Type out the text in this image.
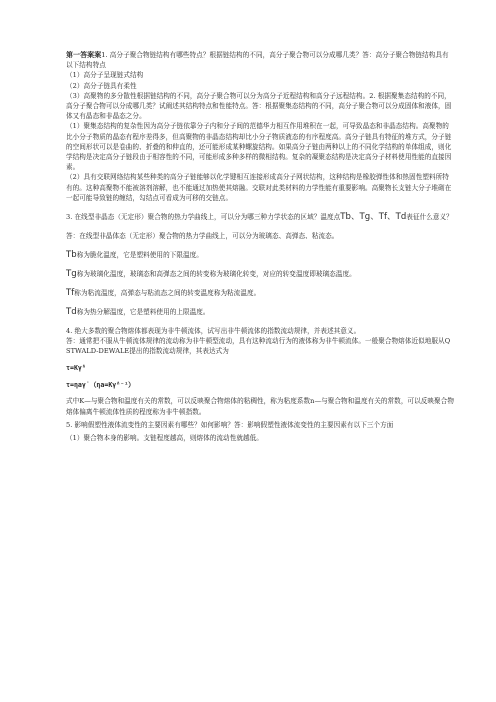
第一答案案1. 高分子聚合物链结构有哪些特点？根据链结构的不同，高分子聚合物可以分成哪几类？答：高分子聚合物链结构具有以下结构特点

（1）高分子呈现链式结构

（2）高分子链具有柔性

（3）高聚物的多分散性根据链结构的不同，高分子聚合物可以分为高分子近程结构和高分子远程结构。2. 根据聚集态结构的不同，高分子聚合物可以分成哪几类？试阐述其结构特点和性能特点。答：根据聚集态结构的不同，高分子聚合物可以分成固体和液体，固体又有晶态和非晶态之分。

（1）聚集态结构的复杂性因为高分子链依靠分子内和分子间的范德华力相互作用堆积在一起，可导致晶态和非晶态结构。高聚物的比小分子物质的晶态有程序差得多，但高聚物的非晶态结构却比小分子物质液态的有序程度高。高分子链具有特征的堆方式，分子链的空间形状可以是卷曲的、折叠的和伸直的，还可能形成某种螺旋结构。如果高分子链由两种以上的不同化学结构的单体组成，则化学结构是决定高分子链段由于相容性的不同，可能形成多种多样的微相结构。复杂的凝聚态结构是决定高分子材料使用性能的直接因素。

（2）具有交联网络结构某些种类的高分子链能够以化学键相互连接形成高分子网状结构，这种结构是橡胶弹性体和热固性塑料所特有的。这种高聚物不能被溶剂溶解，也不能通过加热使其熔融。交联对此类材料的力学性能有重要影响。高聚物长支链大分子堆砌在一起可能导致链的缠结，勾结点可看成为可移的交链点。

3. 在线型非晶态（无定形）聚合物的热力学曲线上，可以分为哪三种力学状态的区域？温度点Tb、Tg、Tf、Td表征什么意义？

答：在线型非晶体态（无定形）聚合物的热力学曲线上，可以分为玻璃态、高弹态、粘流态。

Tb称为脆化温度，它是塑料使用的下限温度。

Tg称为玻璃化温度，玻璃态和高弹态之间的转变称为玻璃化转变，对应的转变温度即玻璃态温度。

Tf称为粘流温度，高弹态与粘流态之间的转变温度称为粘流温度。

Td称为热分解温度，它是塑料使用的上限温度。

4. 绝大多数的聚合物熔体都表现为非牛顿流体，试写出非牛顿流体的指数流动规律，并表述其意义。

答：通常把不服从牛顿流体规律的流动称为非牛顿型流动，具有这种流动行为的液体称为非牛顿流体。一般聚合物熔体近似地服从QSTWALD-DEWALE提出的指数流动规律，其表达式为

τ=Kγ̇ⁿ

τ=ηaγ̇ （ηa=Kγ̇ⁿ⁻¹）

式中K—与聚合物和温度有关的常数，可以反映聚合物熔体的粘稠性，称为粘度系数n—与聚合物和温度有关的常数，可以反映聚合物熔体偏离牛顿流体性质的程度称为非牛顿指数。

5. 影响假塑性液体流变性的主要因素有哪些？如何影响？答：影响假塑性液体流变性的主要因素有以下三个方面

（1）聚合物本身的影响。支链程度越高，则熔体的流动性就越低。
